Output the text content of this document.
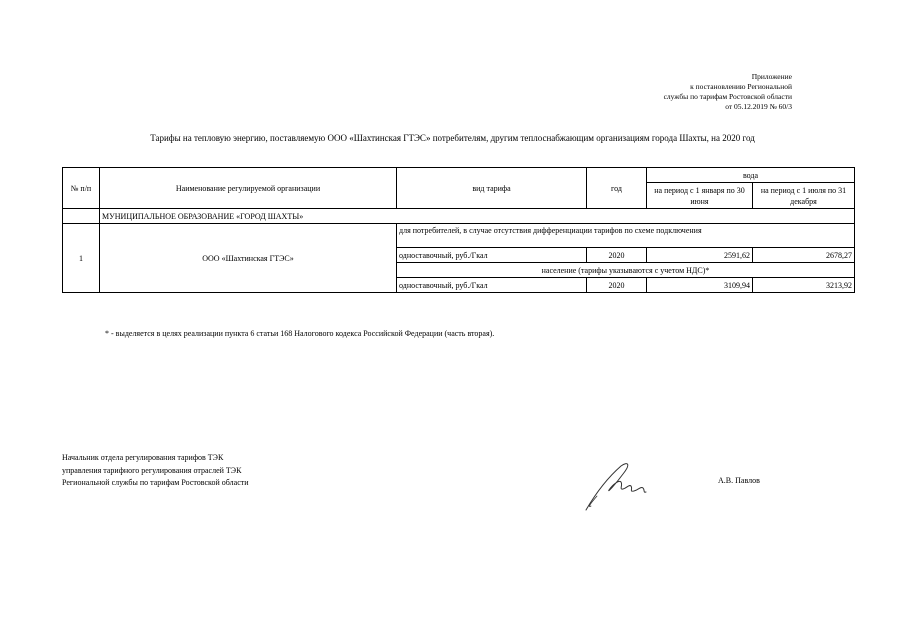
Приложение
к постановлению Региональной
службы по тарифам Ростовской области
от 05.12.2019 № 60/3
Тарифы на тепловую энергию, поставляемую ООО «Шахтинская ГТЭС» потребителям, другим теплоснабжающим организациям города Шахты, на 2020 год
№ п/п	Наименование регулируемой организации	вид тарифа	год	вода	
				на период с 1 января по 30 июня	на период с 1 июля по 31 декабря
	МУНИЦИПАЛЬНОЕ ОБРАЗОВАНИЕ «ГОРОД ШАХТЫ»				
1	ООО «Шахтинская ГТЭС»	для потребителей, в случае отсутствия дифференциации тарифов по схеме подключения			
		одноставочный, руб./Гкал	2020	2591,62	2678,27
		население (тарифы указываются с учетом НДС)*			
		одноставочный, руб./Гкал	2020	3109,94	3213,92
* - выделяется в целях реализации пункта 6 статьи 168 Налогового кодекса Российской Федерации (часть вторая).
Начальник отдела регулирования тарифов ТЭК
управления тарифного регулирования отраслей ТЭК
Региональной службы по тарифам Ростовской области	А.В. Павлов
